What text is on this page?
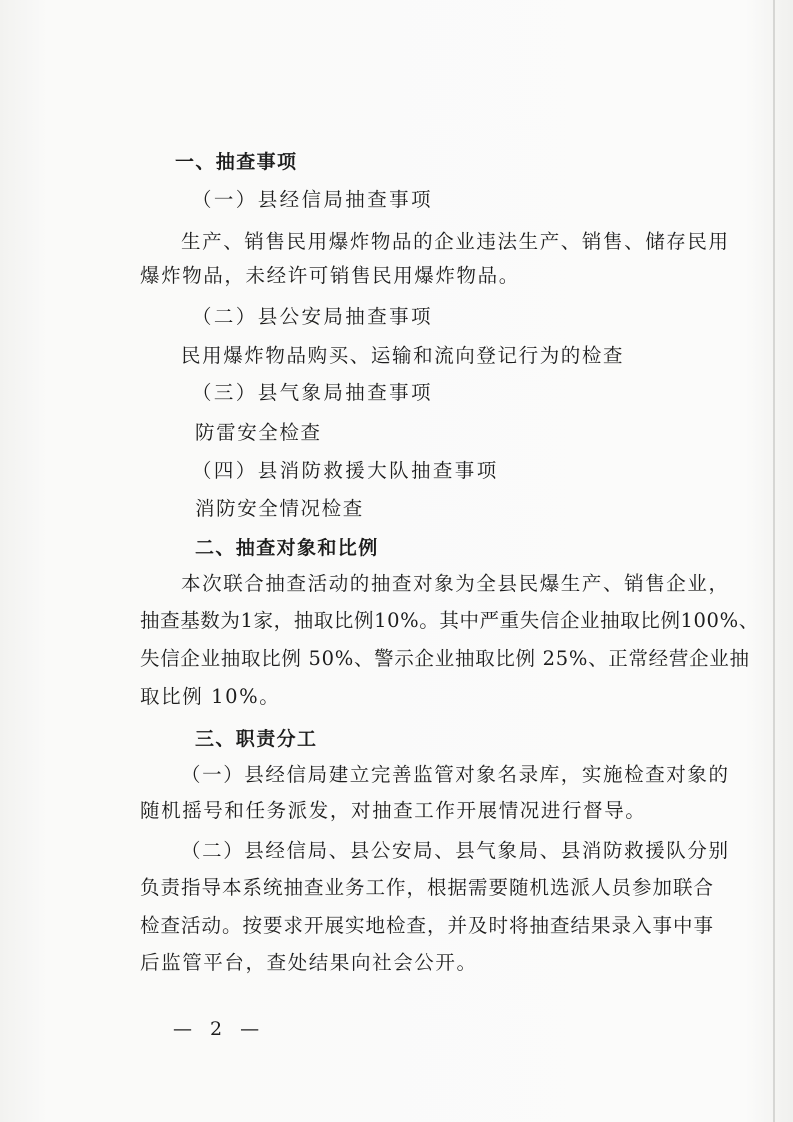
一、抽查事项
（一）县经信局抽查事项
生产、销售民用爆炸物品的企业违法生产、销售、储存民用
爆炸物品，未经许可销售民用爆炸物品。
（二）县公安局抽查事项
民用爆炸物品购买、运输和流向登记行为的检查
（三）县气象局抽查事项
防雷安全检查
（四）县消防救援大队抽查事项
消防安全情况检查
二、抽查对象和比例
本次联合抽查活动的抽查对象为全县民爆生产、销售企业，
抽查基数为1家，抽取比例10%。其中严重失信企业抽取比例100%、
失信企业抽取比例 50%、警示企业抽取比例 25%、正常经营企业抽
取比例 10%。
三、职责分工
（一）县经信局建立完善监管对象名录库，实施检查对象的
随机摇号和任务派发，对抽查工作开展情况进行督导。
（二）县经信局、县公安局、县气象局、县消防救援队分别
负责指导本系统抽查业务工作，根据需要随机选派人员参加联合
检查活动。按要求开展实地检查，并及时将抽查结果录入事中事
后监管平台，查处结果向社会公开。
— 2 —
